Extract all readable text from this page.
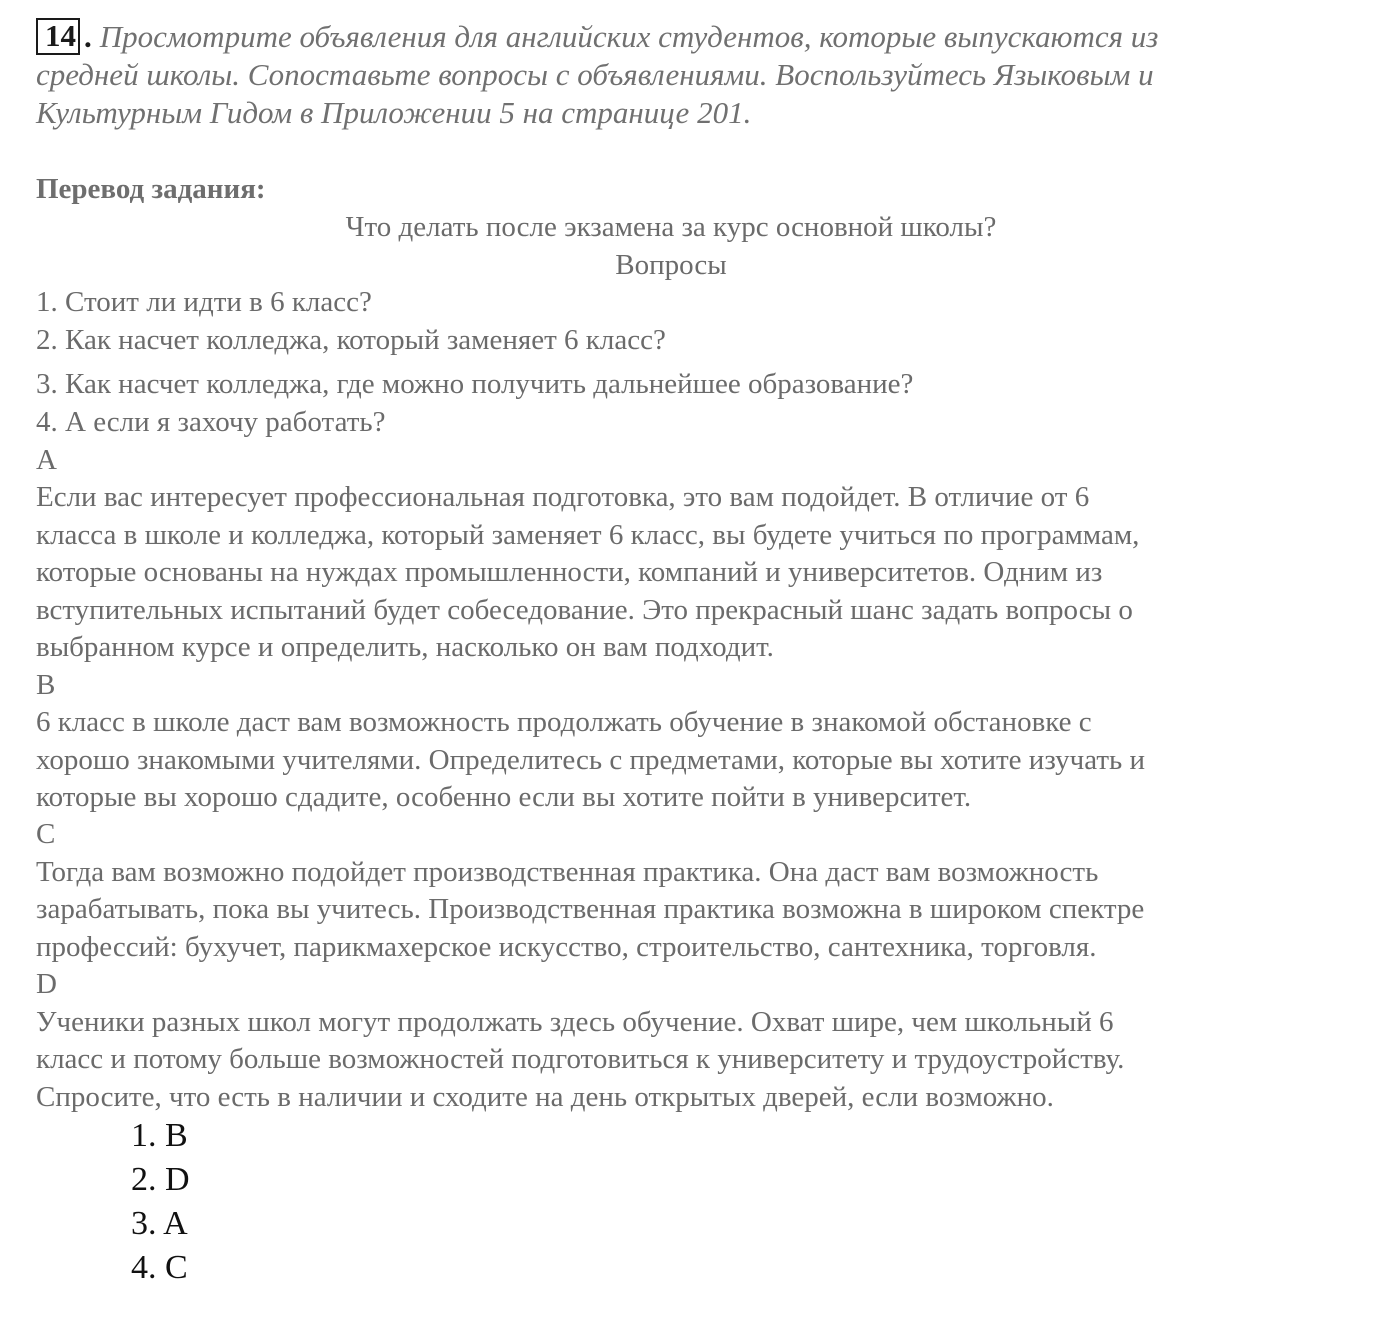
14 . Просмотрите объявления для английских студентов, которые выпускаются из
средней школы. Сопоставьте вопросы с объявлениями. Воспользуйтесь Языковым и
Культурным Гидом в Приложении 5 на странице 201.
Перевод задания:
Что делать после экзамена за курс основной школы?
Вопросы
1. Стоит ли идти в 6 класс?
2. Как насчет колледжа, который заменяет 6 класс?
3. Как насчет колледжа, где можно получить дальнейшее образование?
4. А если я захочу работать?
A
Если вас интересует профессиональная подготовка, это вам подойдет. В отличие от 6
класса в школе и колледжа, который заменяет 6 класс, вы будете учиться по программам,
которые основаны на нуждах промышленности, компаний и университетов. Одним из
вступительных испытаний будет собеседование. Это прекрасный шанс задать вопросы о
выбранном курсе и определить, насколько он вам подходит.
B
6 класс в школе даст вам возможность продолжать обучение в знакомой обстановке с
хорошо знакомыми учителями. Определитесь с предметами, которые вы хотите изучать и
которые вы хорошо сдадите, особенно если вы хотите пойти в университет.
C
Тогда вам возможно подойдет производственная практика. Она даст вам возможность
зарабатывать, пока вы учитесь. Производственная практика возможна в широком спектре
профессий: бухучет, парикмахерское искусство, строительство, сантехника, торговля.
D
Ученики разных школ могут продолжать здесь обучение. Охват шире, чем школьный 6
класс и потому больше возможностей подготовиться к университету и трудоустройству.
Спросите, что есть в наличии и сходите на день открытых дверей, если возможно.
1. B
2. D
3. A
4. C
